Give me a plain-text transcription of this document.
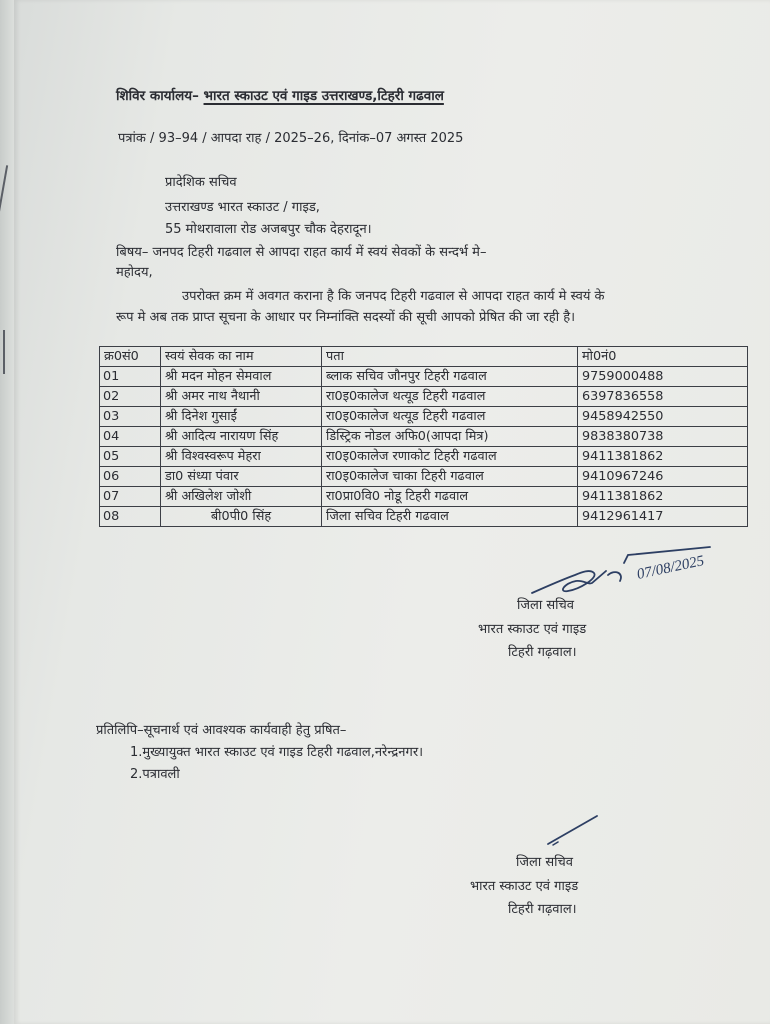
शिविर कार्यालय– भारत स्काउट एवं गाइड उत्तराखण्ड,टिहरी गढवाल
पत्रांक / 93–94 / आपदा राह / 2025–26, दिनांक–07 अगस्त 2025
प्रादेशिक सचिव
उत्तराखण्ड भारत स्काउट / गाइड,
55 मोथरावाला रोड अजबपुर चौक देहरादून।
बिषय– जनपद टिहरी गढवाल से आपदा राहत कार्य में स्वयं सेवकों के सन्दर्भ मे–
महोदय,
उपरोक्त क्रम में अवगत कराना है कि जनपद टिहरी गढवाल से आपदा राहत कार्य मे स्वयं के
रूप मे अब तक प्राप्त सूचना के आधार पर निम्नांक्ति सदस्यों की सूची आपको प्रेषित की जा रही है।
क्र0सं0	स्वयं सेवक का नाम	पता	मो0नं0
01	श्री मदन मोहन सेमवाल	ब्लाक सचिव जौनपुर टिहरी गढवाल	9759000488
02	श्री अमर नाथ नैथानी	रा0इ0कालेज थत्यूड टिहरी गढवाल	6397836558
03	श्री दिनेश गुसाईं	रा0इ0कालेज थत्यूड टिहरी गढवाल	9458942550
04	श्री आदित्य नारायण सिंह	डिस्ट्रिक नोडल अफि0(आपदा मित्र)	9838380738
05	श्री विश्वस्वरूप मेहरा	रा0इ0कालेज रणाकोट टिहरी गढवाल	9411381862
06	डा0 संध्या पंवार	रा0इ0कालेज चाका टिहरी गढवाल	9410967246
07	श्री अखिलेश जोशी	रा0प्रा0वि0 नोडू टिहरी गढवाल	9411381862
08	बी0पी0 सिंह	जिला सचिव टिहरी गढवाल	9412961417
07/08/2025
जिला सचिव
भारत स्काउट एवं गाइड
टिहरी गढ़वाल।
प्रतिलिपि–सूचनार्थ एवं आवश्यक कार्यवाही हेतु प्रषित–
1.मुख्यायुक्त भारत स्काउट एवं गाइड टिहरी गढवाल,नरेन्द्रनगर।
2.पत्रावली
जिला सचिव
भारत स्काउट एवं गाइड
टिहरी गढ़वाल।
